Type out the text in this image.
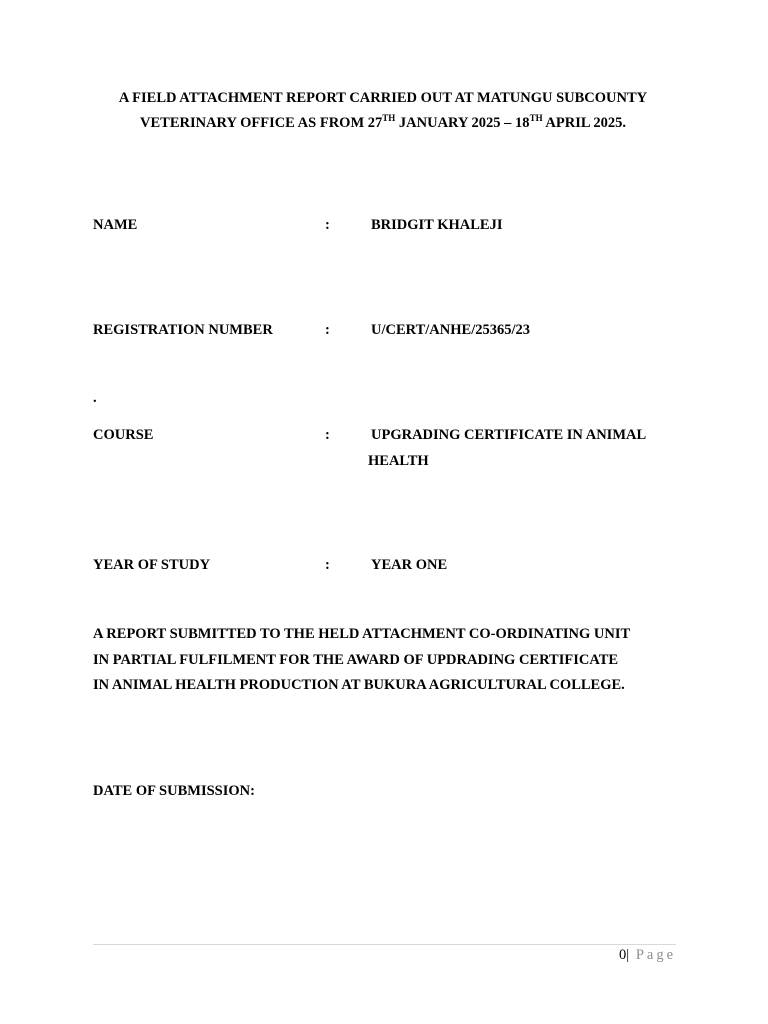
A FIELD ATTACHMENT REPORT CARRIED OUT AT MATUNGU SUBCOUNTY
VETERINARY OFFICE AS FROM 27TH JANUARY 2025 – 18TH APRIL 2025.
NAME	:	BRIDGIT KHALEJI
REGISTRATION NUMBER	:	U/CERT/ANHE/25365/23
.
COURSE	:	UPGRADING CERTIFICATE IN ANIMAL
HEALTH
YEAR OF STUDY	:	YEAR ONE
A REPORT SUBMITTED TO THE HELD ATTACHMENT CO-ORDINATING UNIT
IN PARTIAL FULFILMENT FOR THE AWARD OF UPDRADING CERTIFICATE
IN ANIMAL HEALTH PRODUCTION AT BUKURA AGRICULTURAL COLLEGE.
DATE OF SUBMISSION:
0| Page
